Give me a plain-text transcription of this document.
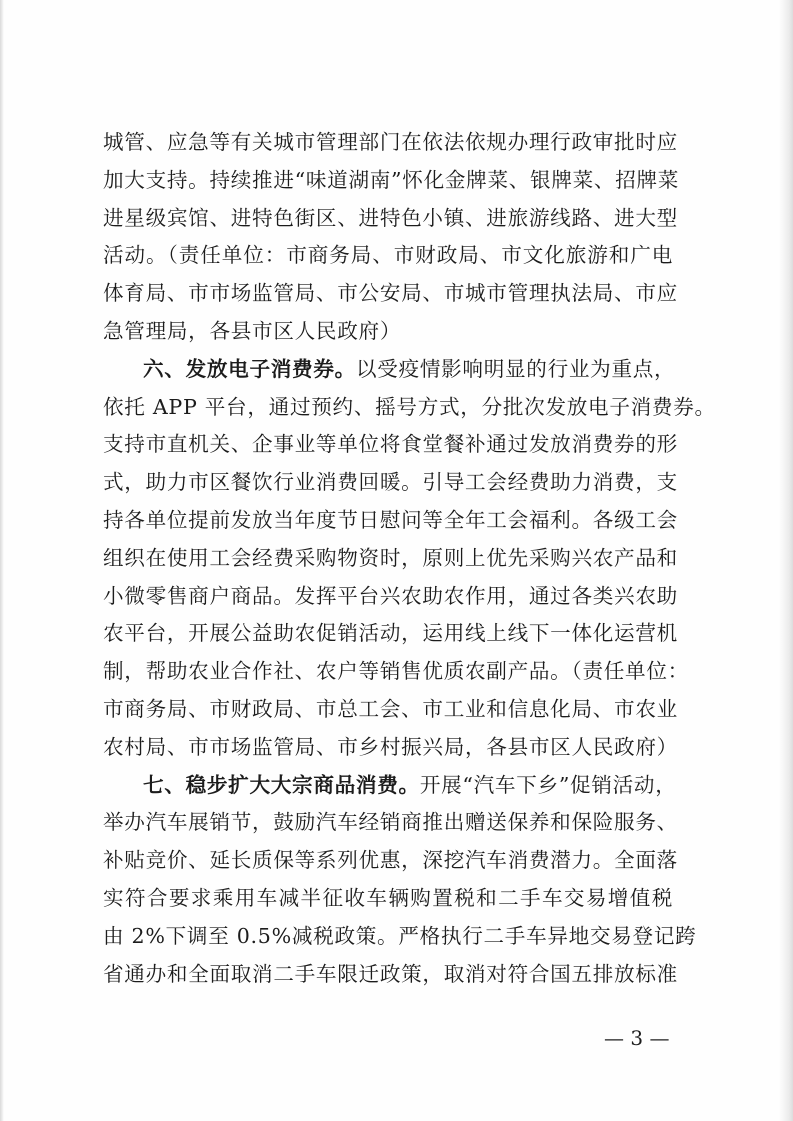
城管、应急等有关城市管理部门在依法依规办理行政审批时应
加大支持。持续推进“味道湖南”怀化金牌菜、银牌菜、招牌菜
进星级宾馆、进特色街区、进特色小镇、进旅游线路、进大型
活动。（责任单位：市商务局、市财政局、市文化旅游和广电
体育局、市市场监管局、市公安局、市城市管理执法局、市应
急管理局，各县市区人民政府）
六、发放电子消费券。以受疫情影响明显的行业为重点，
依托 APP 平台，通过预约、摇号方式，分批次发放电子消费券。
支持市直机关、企事业等单位将食堂餐补通过发放消费券的形
式，助力市区餐饮行业消费回暖。引导工会经费助力消费，支
持各单位提前发放当年度节日慰问等全年工会福利。各级工会
组织在使用工会经费采购物资时，原则上优先采购兴农产品和
小微零售商户商品。发挥平台兴农助农作用，通过各类兴农助
农平台，开展公益助农促销活动，运用线上线下一体化运营机
制，帮助农业合作社、农户等销售优质农副产品。（责任单位：
市商务局、市财政局、市总工会、市工业和信息化局、市农业
农村局、市市场监管局、市乡村振兴局，各县市区人民政府）
七、稳步扩大大宗商品消费。开展“汽车下乡”促销活动，
举办汽车展销节，鼓励汽车经销商推出赠送保养和保险服务、
补贴竞价、延长质保等系列优惠，深挖汽车消费潜力。全面落
实符合要求乘用车减半征收车辆购置税和二手车交易增值税
由 2%下调至 0.5%减税政策。严格执行二手车异地交易登记跨
省通办和全面取消二手车限迁政策，取消对符合国五排放标准
— 3 —
